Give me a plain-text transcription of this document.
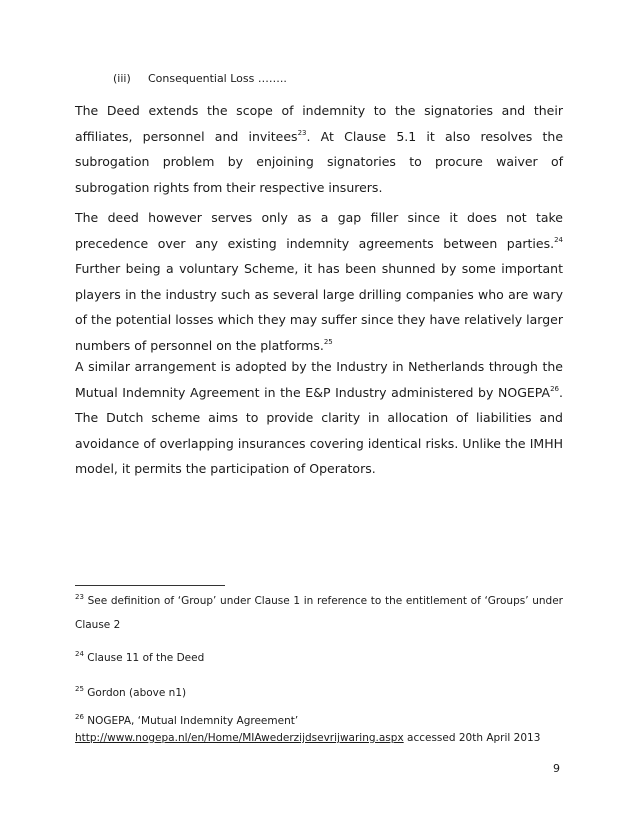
(iii) Consequential Loss ……..

The Deed extends the scope of indemnity to the signatories and their affiliates, personnel and invitees$^{23}$. At Clause 5.1 it also resolves the subrogation problem by enjoining signatories to procure waiver of subrogation rights from their respective insurers.

The deed however serves only as a gap filler since it does not take precedence over any existing indemnity agreements between parties.$^{24}$ Further being a voluntary Scheme, it has been shunned by some important players in the industry such as several large drilling companies who are wary of the potential losses which they may suffer since they have relatively larger numbers of personnel on the platforms.$^{25}$

A similar arrangement is adopted by the Industry in Netherlands through the Mutual Indemnity Agreement in the E&P Industry administered by NOGEPA$^{26}$. The Dutch scheme aims to provide clarity in allocation of liabilities and avoidance of overlapping insurances covering identical risks. Unlike the IMHH model, it permits the participation of Operators.

$^{23}$ See definition of ‘Group’ under Clause 1 in reference to the entitlement of ‘Groups’ under Clause 2

$^{24}$ Clause 11 of the Deed

$^{25}$ Gordon (above n1)

$^{26}$ NOGEPA, ‘Mutual Indemnity Agreement’
http://www.nogepa.nl/en/Home/MIAwederzijdsevrijwaring.aspx accessed 20th April 2013

9
